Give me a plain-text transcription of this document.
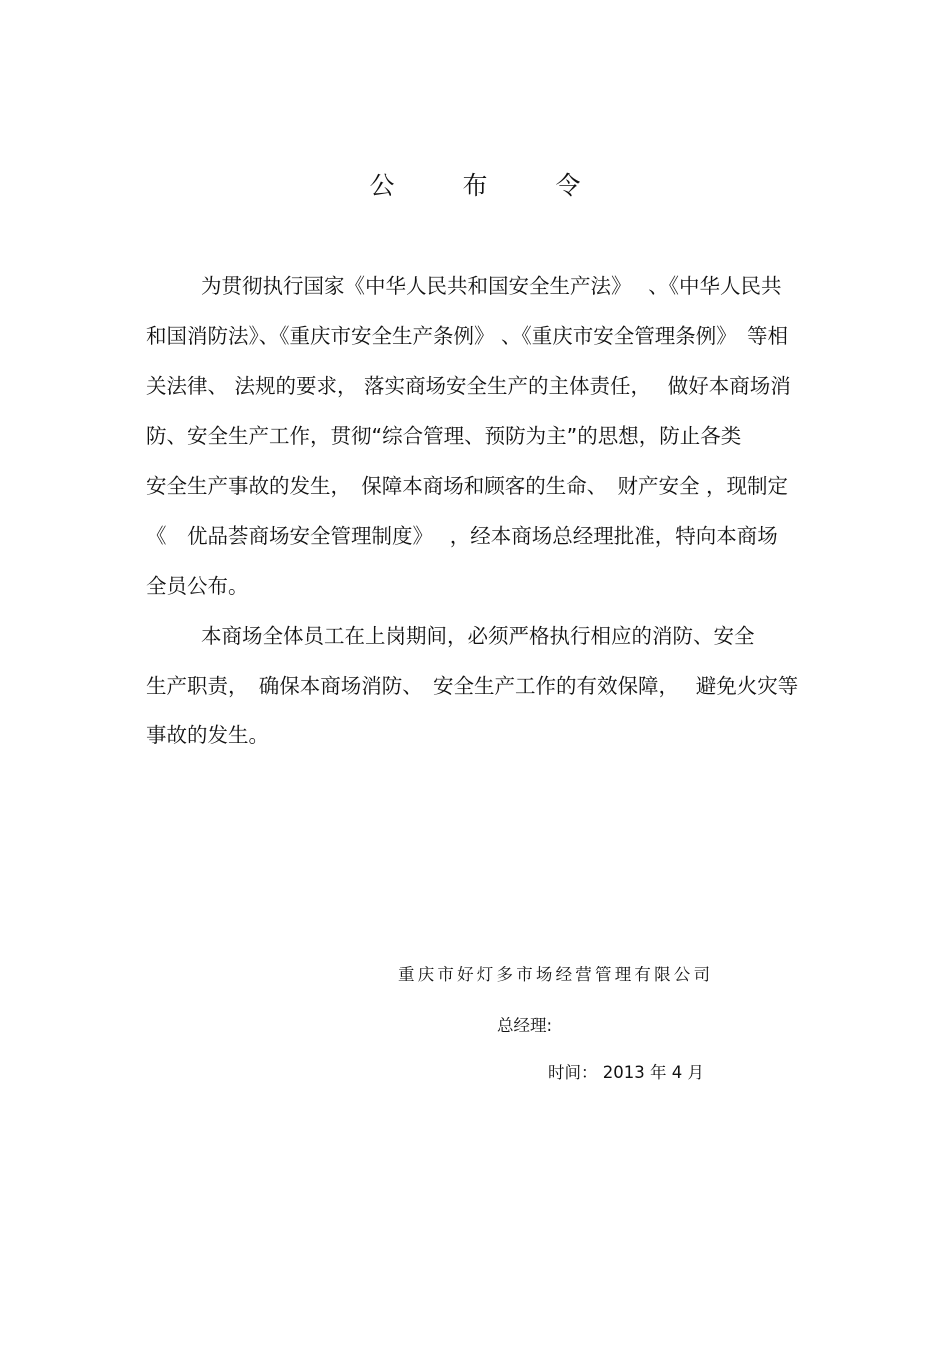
公 布 令
为贯彻执行国家《中华人民共和国安全生产法》　 、《中华人民共
和国消防法》、《重庆市安全生产条例》 、《重庆市安全管理条例》　等相
关法律、 法规的要求， 落实商场安全生产的主体责任，　 做好本商场消
防、安全生产工作，贯彻“综合管理、预防为主”的思想，防止各类
安全生产事故的发生，　保障本商场和顾客的生命、　财产安全 ，现制定
《　优品荟商场安全管理制度》　 ，经本商场总经理批准，特向本商场
全员公布。
本商场全体员工在上岗期间，必须严格执行相应的消防、安全
生产职责，　确保本商场消防、　安全生产工作的有效保障，　 避免火灾等
事故的发生。
重庆市好灯多市场经营管理有限公司
总经理:
时间： 2013 年 4 月
